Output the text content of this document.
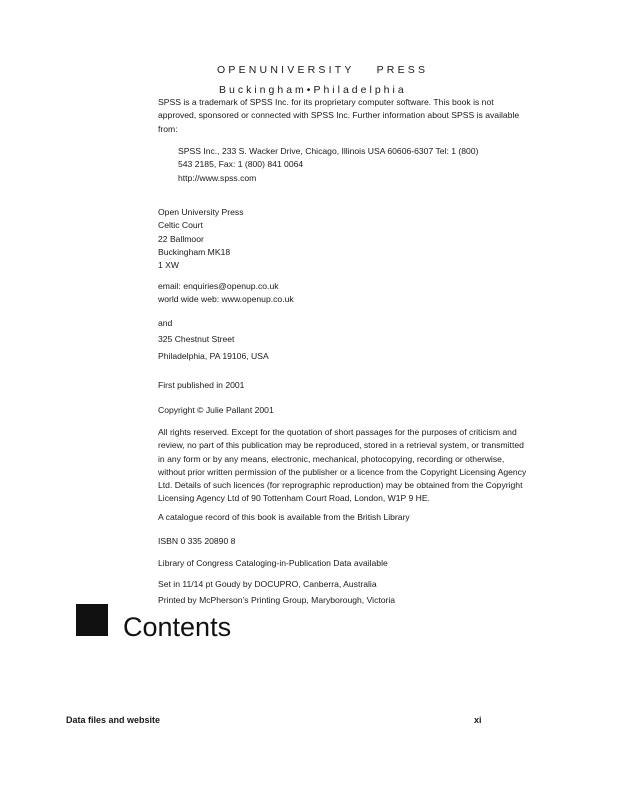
OPENUNIVERSITY PRESS
Buckingham•Philadelphia
SPSS is a trademark of SPSS Inc. for its proprietary computer software. This book is not
approved, sponsored or connected with SPSS Inc. Further information about SPSS is available
from:
SPSS Inc., 233 S. Wacker Drive, Chicago, Illinois USA 60606-6307 Tel: 1 (800)
543 2185, Fax: 1 (800) 841 0064
http://www.spss.com
Open University Press
Celtic Court
22 Ballmoor
Buckingham MK18
1 XW
email: enquiries@openup.co.uk
world wide web: www.openup.co.uk
and
325 Chestnut Street
Philadelphia, PA 19106, USA
First published in 2001
Copyright © Julie Pallant 2001
All rights reserved. Except for the quotation of short passages for the purposes of criticism and
review, no part of this publication may be reproduced, stored in a retrieval system, or transmitted
in any form or by any means, electronic, mechanical, photocopying, recording or otherwise,
without prior written permission of the publisher or a licence from the Copyright Licensing Agency
Ltd. Details of such licences (for reprographic reproduction) may be obtained from the Copyright
Licensing Agency Ltd of 90 Tottenham Court Road, London, W1P 9 HE.
A catalogue record of this book is available from the British Library
ISBN 0 335 20890 8
Library of Congress Cataloging-in-Publication Data available
Set in 11/14 pt Goudy by DOCUPRO, Canberra, Australia
Printed by McPherson’s Printing Group, Maryborough, Victoria
Contents
Data files and website	xi
